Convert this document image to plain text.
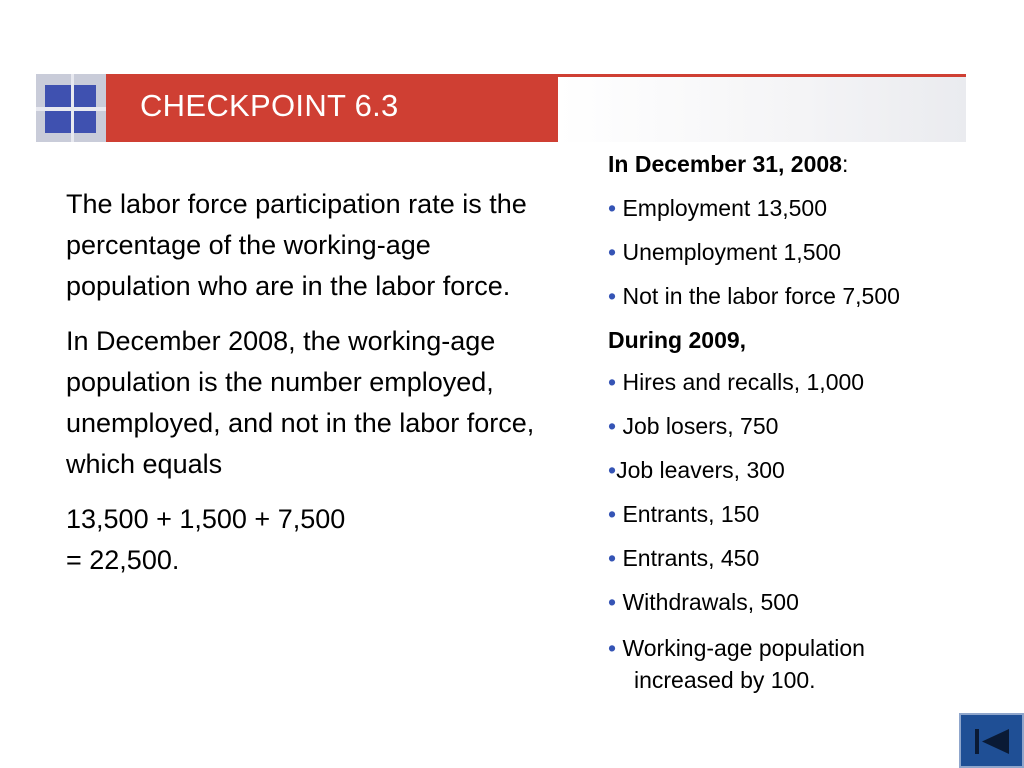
CHECKPOINT 6.3

The labor force participation rate is the percentage of the working-age population who are in the labor force.

In December 2008, the working-age population is the number employed, unemployed, and not in the labor force, which equals

13,500 + 1,500 + 7,500
= 22,500.

In December 31, 2008:
• Employment 13,500
• Unemployment 1,500
• Not in the labor force 7,500
During 2009,
• Hires and recalls, 1,000
• Job losers, 750
•Job leavers, 300
• Entrants, 150
• Entrants, 450
• Withdrawals, 500
• Working-age population
increased by 100.
